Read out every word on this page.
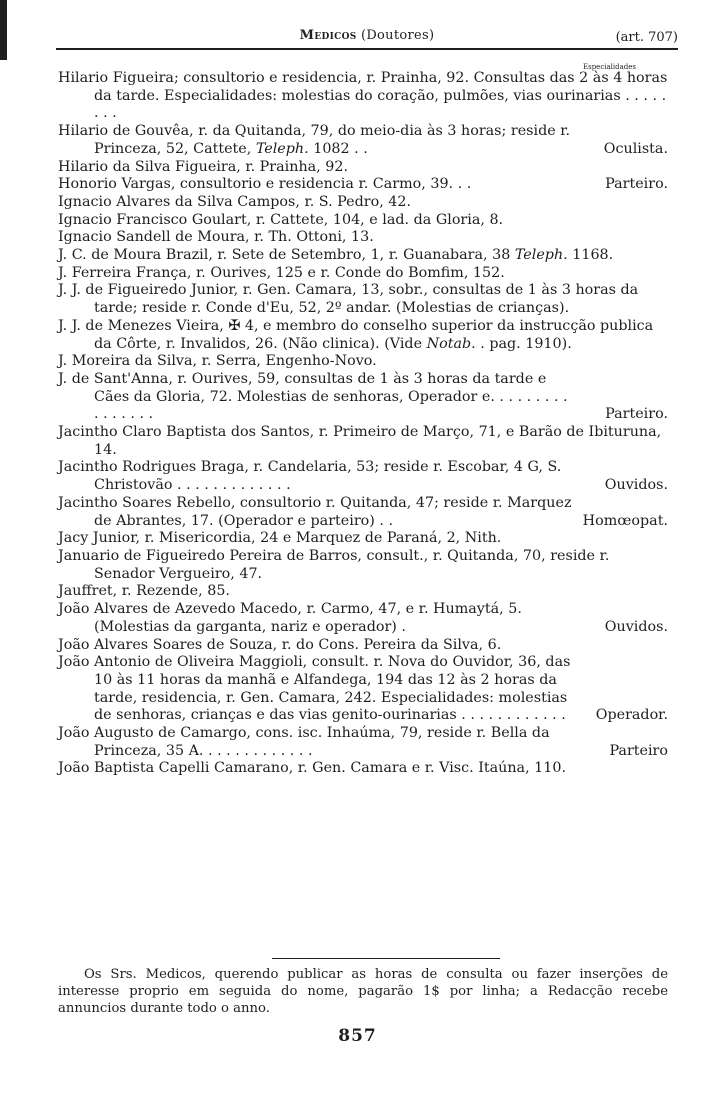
Medicos (Doutores)	(art. 707)
Especialidades
Hilario Figueira; consultorio e residencia, r. Prainha, 92. Consultas das 2 às 4 horas da tarde. Especialidades: molestias do coração, pulmões, vias ourinarias . . . . . . . .
Hilario de Gouvêa, r. da Quitanda, 79, do meio-dia às 3 horas; reside r. Princeza, 52, Cattete, Teleph. 1082 . .	Oculista.
Hilario da Silva Figueira, r. Prainha, 92.
Honorio Vargas, consultorio e residencia r. Carmo, 39. . .	Parteiro.
Ignacio Alvares da Silva Campos, r. S. Pedro, 42.
Ignacio Francisco Goulart, r. Cattete, 104, e lad. da Gloria, 8.
Ignacio Sandell de Moura, r. Th. Ottoni, 13.
J. C. de Moura Brazil, r. Sete de Setembro, 1, r. Guanabara, 38 Teleph. 1168.
J. Ferreira França, r. Ourives, 125 e r. Conde do Bomfim, 152.
J. J. de Figueiredo Junior, r. Gen. Camara, 13, sobr., consultas de 1 às 3 horas da tarde; reside r. Conde d'Eu, 52, 2º andar. (Molestias de crianças).
J. J. de Menezes Vieira, ✠ 4, e membro do conselho superior da instrucção publica da Côrte, r. Invalidos, 26. (Não clinica). (Vide Notab. . pag. 1910).
J. Moreira da Silva, r. Serra, Engenho-Novo.
J. de Sant'Anna, r. Ourives, 59, consultas de 1 às 3 horas da tarde e Cães da Gloria, 72. Molestias de senhoras, Operador e. . . . . . . . . . . . . . . .	Parteiro.
Jacintho Claro Baptista dos Santos, r. Primeiro de Março, 71, e Barão de Ibituruna, 14.
Jacintho Rodrigues Braga, r. Candelaria, 53; reside r. Escobar, 4 G, S. Christovão . . . . . . . . . . . . .	Ouvidos.
Jacintho Soares Rebello, consultorio r. Quitanda, 47; reside r. Marquez de Abrantes, 17. (Operador e parteiro) . .	Homœopat.
Jacy Junior, r. Misericordia, 24 e Marquez de Paraná, 2, Nith.
Januario de Figueiredo Pereira de Barros, consult., r. Quitanda, 70, reside r. Senador Vergueiro, 47.
Jauffret, r. Rezende, 85.
João Alvares de Azevedo Macedo, r. Carmo, 47, e r. Humaytá, 5. (Molestias da garganta, nariz e operador) .	Ouvidos.
João Alvares Soares de Souza, r. do Cons. Pereira da Silva, 6.
João Antonio de Oliveira Maggioli, consult. r. Nova do Ouvidor, 36, das 10 às 11 horas da manhã e Alfandega, 194 das 12 às 2 horas da tarde, residencia, r. Gen. Camara, 242. Especialidades: molestias de senhoras, crianças e das vias genito-ourinarias . . . . . . . . . . . .	Operador.
João Augusto de Camargo, cons. isc. Inhaúma, 79, reside r. Bella da Princeza, 35 A. . . . . . . . . . . . .	Parteiro
João Baptista Capelli Camarano, r. Gen. Camara e r. Visc. Itaúna, 110.
Os Srs. Medicos, querendo publicar as horas de consulta ou fazer inserções de interesse proprio em seguida do nome, pagarão 1$ por linha; a Redacção recebe annuncios durante todo o anno.
857
